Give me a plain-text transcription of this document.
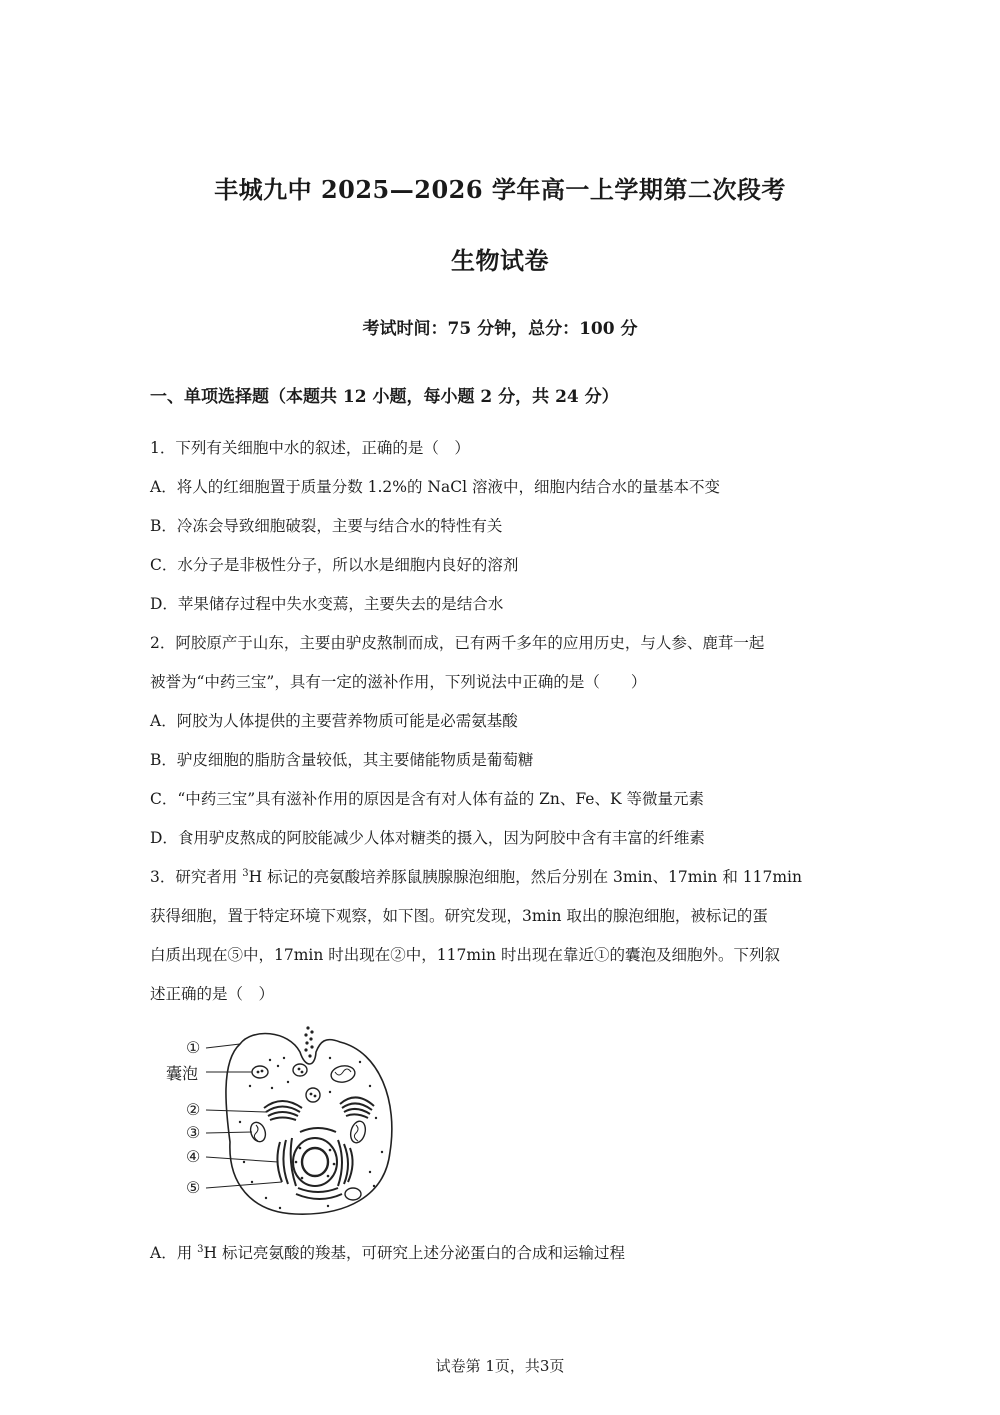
丰城九中 2025—2026 学年高一上学期第二次段考
生物试卷
考试时间：75 分钟，总分：100 分
一、单项选择题（本题共 12 小题，每小题 2 分，共 24 分）
1．下列有关细胞中水的叙述，正确的是（　）
A．将人的红细胞置于质量分数 1.2%的 NaCl 溶液中，细胞内结合水的量基本不变
B．冷冻会导致细胞破裂，主要与结合水的特性有关
C．水分子是非极性分子，所以水是细胞内良好的溶剂
D．苹果储存过程中失水变蔫，主要失去的是结合水
2．阿胶原产于山东，主要由驴皮熬制而成，已有两千多年的应用历史，与人参、鹿茸一起
被誉为“中药三宝”，具有一定的滋补作用，下列说法中正确的是（　　）
A．阿胶为人体提供的主要营养物质可能是必需氨基酸
B．驴皮细胞的脂肪含量较低，其主要储能物质是葡萄糖
C．“中药三宝”具有滋补作用的原因是含有对人体有益的 Zn、Fe、K 等微量元素
D．食用驴皮熬成的阿胶能减少人体对糖类的摄入，因为阿胶中含有丰富的纤维素
3．研究者用 $^3$H 标记的亮氨酸培养豚鼠胰腺腺泡细胞，然后分别在 3min、17min 和 117min
获得细胞，置于特定环境下观察，如下图。研究发现，3min 取出的腺泡细胞，被标记的蛋
白质出现在⑤中，17min 时出现在②中，117min 时出现在靠近①的囊泡及细胞外。下列叙
述正确的是（　）
①
囊泡
②
③
④
⑤
A．用 $^3$H 标记亮氨酸的羧基，可研究上述分泌蛋白的合成和运输过程
试卷第 1页，共3页
